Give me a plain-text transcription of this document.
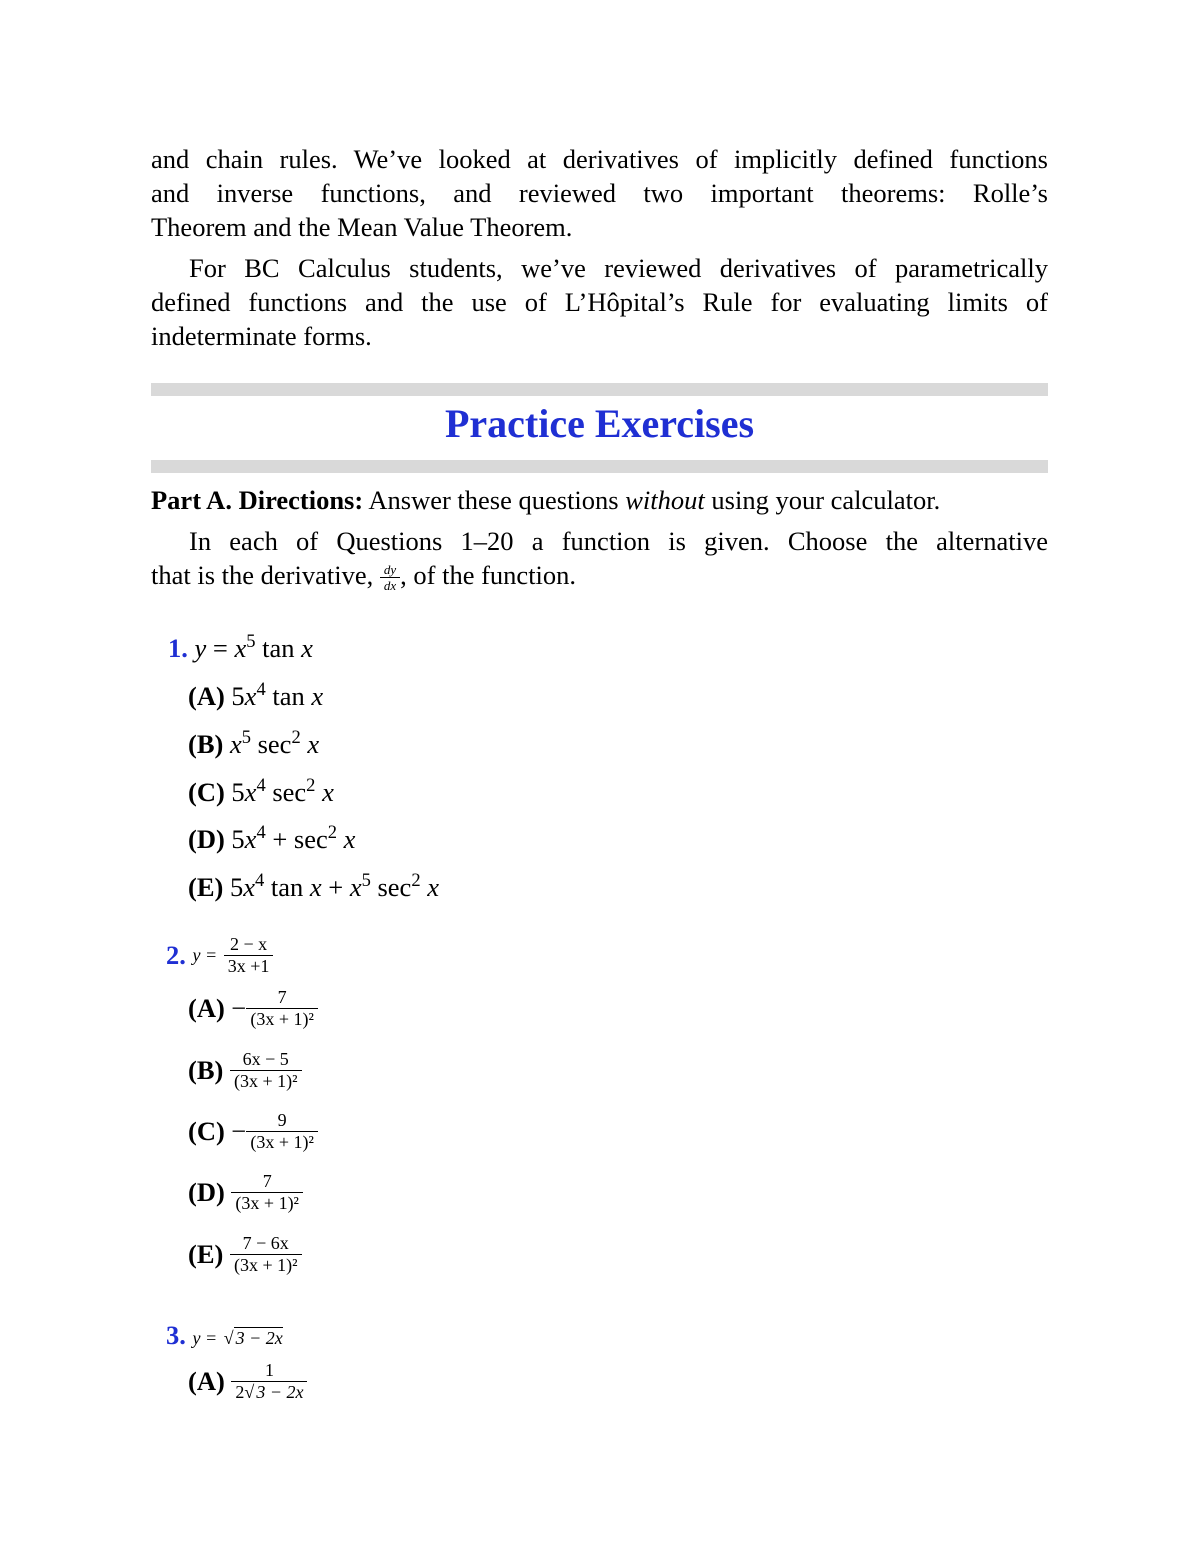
and chain rules. We’ve looked at derivatives of implicitly defined functions
and inverse functions, and reviewed two important theorems: Rolle’s
Theorem and the Mean Value Theorem.
For BC Calculus students, we’ve reviewed derivatives of parametrically
defined functions and the use of L’Hôpital’s Rule for evaluating limits of
indeterminate forms.
Practice Exercises
Part A. Directions: Answer these questions without using your calculator.
In each of Questions 1–20 a function is given. Choose the alternative
that is the derivative, $\frac{dy}{dx}$ , of the function.
1. $y = x^5$ tan x
(A) $5x^4$ tan x
(B) $x^5$ $\sec^2 x$
(C) $5x^4$ $\sec^2 x$
(D) $5x^4 + \sec^2 x$
(E) $5x^4$ $\tan x + x^5$ $\sec^2 x$
2. $y = \frac{2 - x}{3x +1}$
$(A) - \frac{7}{\text{(3x + 1)²}}$
$(B) \frac{6x - 5}{\text{(3x + 1)²}}$
$(C) - \frac{9}{\text{(3x + 1)²}}$
$(D) \frac{7}{\text{(3x + 1)²}}$
$(E) \frac{7 - 6x}{\text{(3x + 1)²}}$
3. y = √ 3 − 2x
$(A) \frac{1}{2√ 3 - 2x}$
